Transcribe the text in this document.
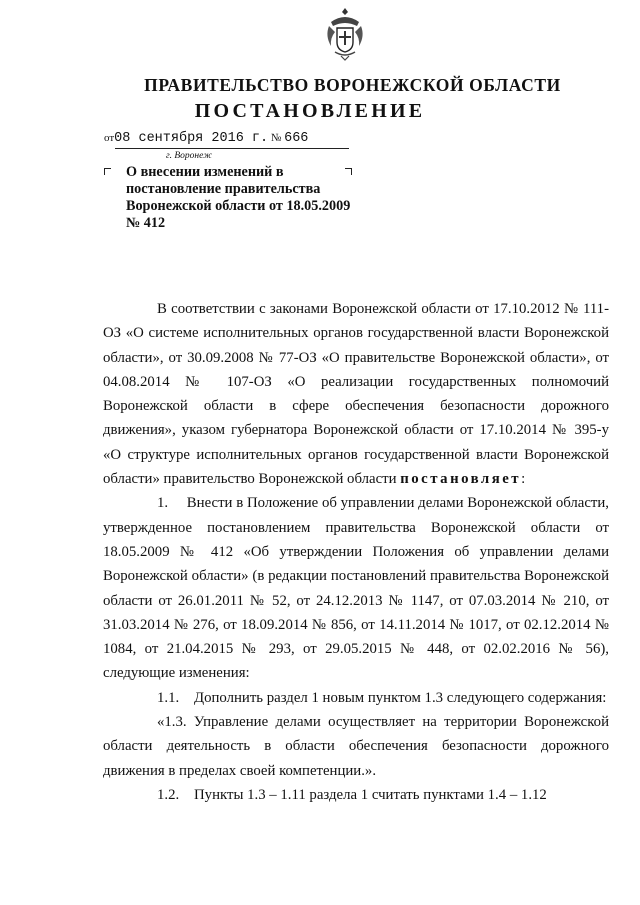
ПРАВИТЕЛЬСТВО ВОРОНЕЖСКОЙ ОБЛАСТИ
ПОСТАНОВЛЕНИЕ
от08 сентября 2016 г. № 666
г. Воронеж
О внесении изменений в
постановление правительства
Воронежской области от 18.05.2009
№ 412

В соответствии с законами Воронежской области от 17.10.2012 № 111-ОЗ «О системе исполнительных органов государственной власти Воронежской области», от 30.09.2008 № 77-ОЗ «О правительстве Воронежской области», от 04.08.2014 № 107-ОЗ «О реализации государственных полномочий Воронежской области в сфере обеспечения безопасности дорожного движения», указом губернатора Воронежской области от 17.10.2014 № 395-у «О структуре исполнительных органов государственной власти Воронежской области» правительство Воронежской области постановляет:

1.     Внести в Положение об управлении делами Воронежской области, утвержденное постановлением правительства Воронежской области от 18.05.2009 № 412 «Об утверждении Положения об управлении делами Воронежской области» (в редакции постановлений правительства Воронежской области от 26.01.2011 № 52, от 24.12.2013 № 1147, от 07.03.2014 № 210, от 31.03.2014 № 276, от 18.09.2014 № 856, от 14.11.2014 № 1017, от 02.12.2014 № 1084, от 21.04.2015 № 293, от 29.05.2015 № 448, от 02.02.2016 № 56), следующие изменения:

1.1.    Дополнить раздел 1 новым пунктом 1.3 следующего содержания:

«1.3. Управление делами осуществляет на территории Воронежской области деятельность в области обеспечения безопасности дорожного движения в пределах своей компетенции.».

1.2.    Пункты 1.3 – 1.11 раздела 1 считать пунктами 1.4 – 1.12
